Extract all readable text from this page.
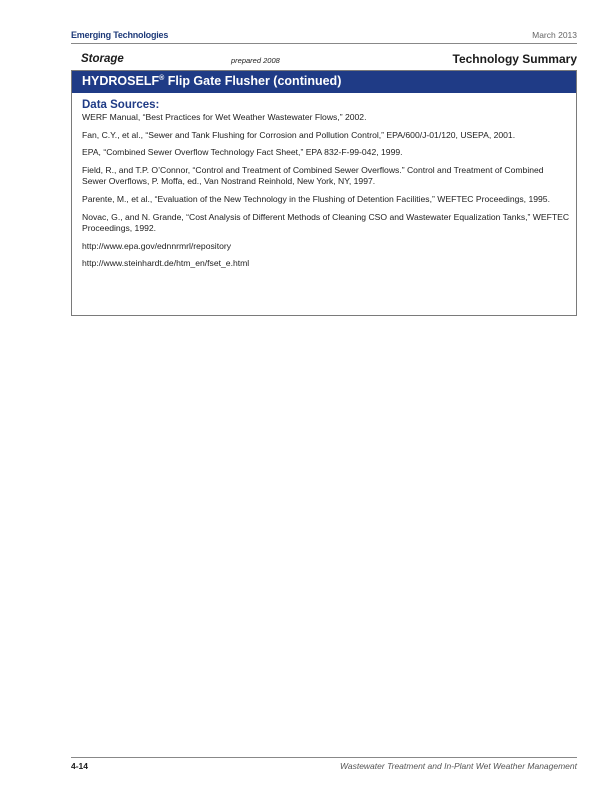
Emerging Technologies	March 2013
Storage	prepared 2008	Technology Summary
HYDROSELF® Flip Gate Flusher (continued)
Data Sources:

WERF Manual, “Best Practices for Wet Weather Wastewater Flows,” 2002.

Fan, C.Y., et al., “Sewer and Tank Flushing for Corrosion and Pollution Control,” EPA/600/J-01/120, USEPA, 2001.

EPA, “Combined Sewer Overflow Technology Fact Sheet,” EPA 832-F-99-042, 1999.

Field, R., and T.P. O’Connor, “Control and Treatment of Combined Sewer Overflows.” Control and Treatment of Combined Sewer Overflows, P. Moffa, ed., Van Nostrand Reinhold, New York, NY, 1997.

Parente, M., et al., “Evaluation of the New Technology in the Flushing of Detention Facilities,” WEFTEC Proceedings, 1995.

Novac, G., and N. Grande, “Cost Analysis of Different Methods of Cleaning CSO and Wastewater Equalization Tanks,” WEFTEC Proceedings, 1992.

http://www.epa.gov/ednnrmrl/repository

http://www.steinhardt.de/htm_en/fset_e.html

4-14	Wastewater Treatment and In-Plant Wet Weather Management
